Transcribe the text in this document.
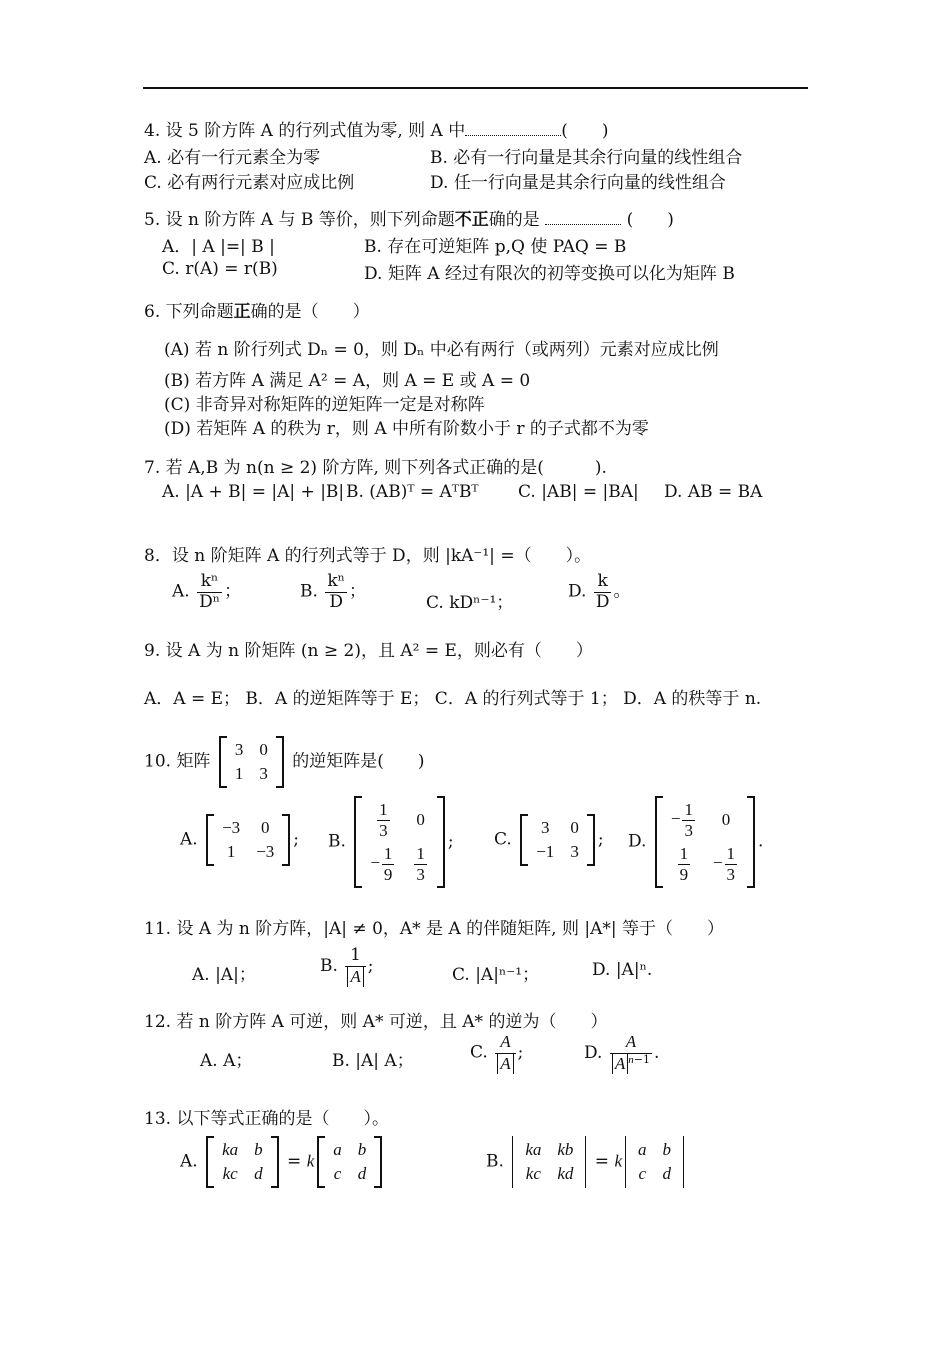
4. 设 5 阶方阵 A 的行列式值为零, 则 A 中	(　　)
A. 必有一行元素全为零	B. 必有一行向量是其余行向量的线性组合
C. 必有两行元素对应成比例	D. 任一行向量是其余行向量的线性组合
5. 设 n 阶方阵 A 与 B 等价，则下列命题不正确的是	(　　)
A．| A |=| B |	B. 存在可逆矩阵 p,Q 使 PAQ = B
C. r(A) = r(B)	D. 矩阵 A 经过有限次的初等变换可以化为矩阵 B
6. 下列命题正确的是（　　）
(A) 若 n 阶行列式 Dₙ = 0，则 Dₙ 中必有两行（或两列）元素对应成比例
(B) 若方阵 A 满足 A² = A，则 A = E 或 A = 0
(C) 非奇异对称矩阵的逆矩阵一定是对称阵
(D) 若矩阵 A 的秩为 r，则 A 中所有阶数小于 r 的子式都不为零
7. 若 A,B 为 n(n ≥ 2) 阶方阵, 则下列各式正确的是(　　　).
A. |A + B| = |A| + |B| B. (AB)ᵀ = AᵀBᵀ C. |AB| = |BA| D. AB = BA
8．设 n 阶矩阵 A 的行列式等于 D，则 |kA⁻¹| =（　　）。
A. $\frac{\text{kⁿ}}{\text{Dⁿ}}$ ；	B. $\frac{\text{kⁿ}}{D}$ ；
C. kDⁿ⁻¹；
D. $\frac{k}{D}$ 。
9. 设 A 为 n 阶矩阵 (n ≥ 2)，且 A² = E，则必有（　　）
A．A = E； B．A 的逆矩阵等于 E； C．A 的行列式等于 1； D．A 的秩等于 n.
10. 矩阵
3	0
1	3
的逆矩阵是(　　)
A.
−3	0
1	−3
; B.
$\frac{1}{3}$	0
− $\frac{1}{9}$	$\frac{1}{3}$
; C.
3	0
−1	3
; D.
− $\frac{1}{3}$	0

$\frac{1}{9}$	− $\frac{1}{3}$
.
11. 设 A 为 n 阶方阵，|A| ≠ 0，A* 是 A 的伴随矩阵, 则 |A*| 等于（　　）
A. |A|；	B. $\frac{1}{A}$ ;	C. |A|ⁿ⁻¹；	D. |A|ⁿ.
12. 若 n 阶方阵 A 可逆，则 A* 可逆，且 A* 的逆为（　　）
A. A；	B. |A| A；	C. $\frac{A}{A}$ ;	D. $\frac{A}{A ^{n-1}}$ .
13. 以下等式正确的是（　　）。
A.
ka	b
kc	d
= k
a	b
c	d
B.
ka	kb
kc	kd
= k
a	b
c	d
